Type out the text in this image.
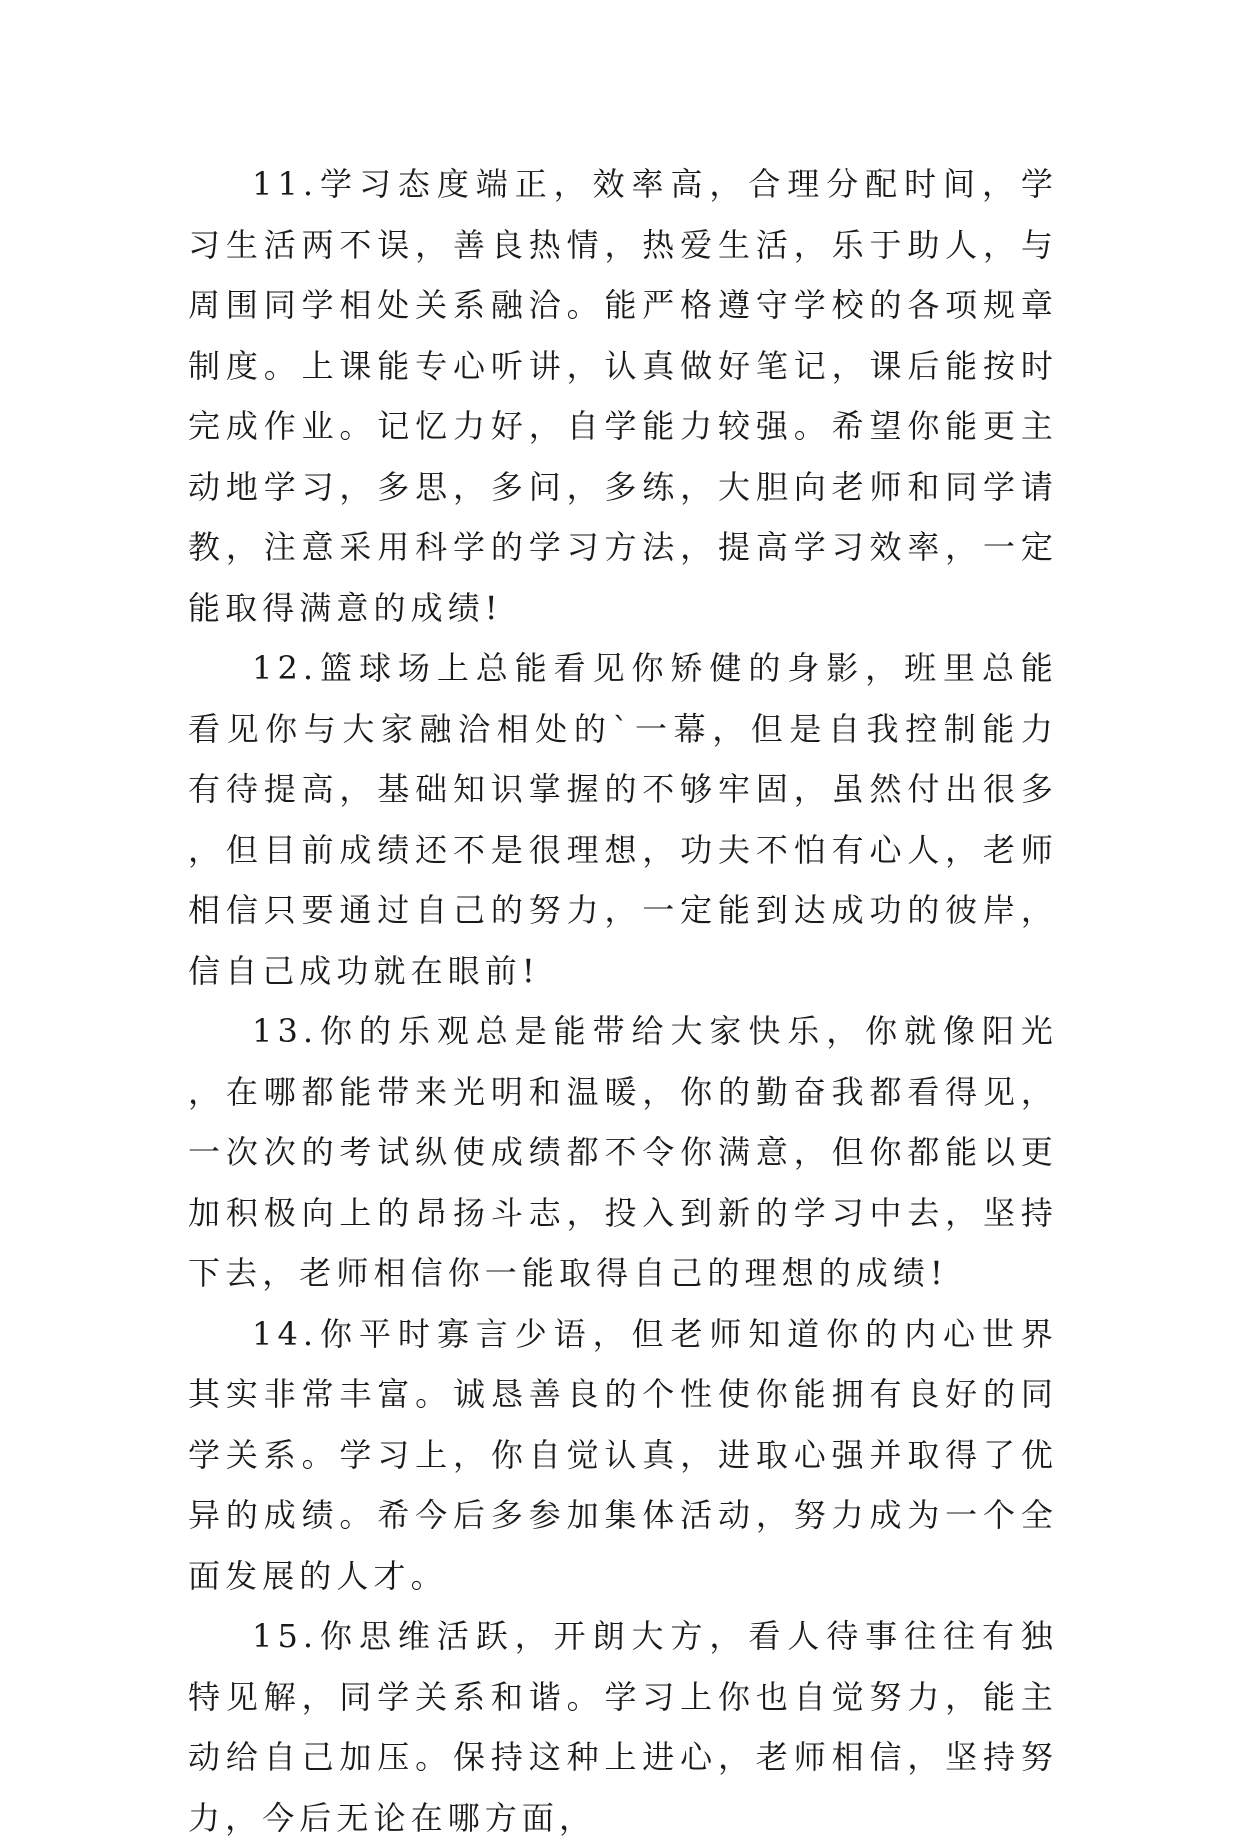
11.学习态度端正，效率高，合理分配时间，学习生活两不误，善良热情，热爱生活，乐于助人，与周围同学相处关系融洽。能严格遵守学校的各项规章制度。上课能专心听讲，认真做好笔记，课后能按时完成作业。记忆力好，自学能力较强。希望你能更主动地学习，多思，多问，多练，大胆向老师和同学请教，注意采用科学的学习方法，提高学习效率，一定能取得满意的成绩!

12.篮球场上总能看见你矫健的身影，班里总能看见你与大家融洽相处的`一幕，但是自我控制能力有待提高，基础知识掌握的不够牢固，虽然付出很多，但目前成绩还不是很理想，功夫不怕有心人，老师相信只要通过自己的努力，一定能到达成功的彼岸，信自己成功就在眼前!

13.你的乐观总是能带给大家快乐，你就像阳光，在哪都能带来光明和温暖，你的勤奋我都看得见，一次次的考试纵使成绩都不令你满意，但你都能以更加积极向上的昂扬斗志，投入到新的学习中去，坚持下去，老师相信你一能取得自己的理想的成绩!

14.你平时寡言少语，但老师知道你的内心世界其实非常丰富。诚恳善良的个性使你能拥有良好的同学关系。学习上，你自觉认真，进取心强并取得了优异的成绩。希今后多参加集体活动，努力成为一个全面发展的人才。

15.你思维活跃，开朗大方，看人待事往往有独特见解，同学关系和谐。学习上你也自觉努力，能主动给自己加压。保持这种上进心，老师相信，坚持努力，今后无论在哪方面，
